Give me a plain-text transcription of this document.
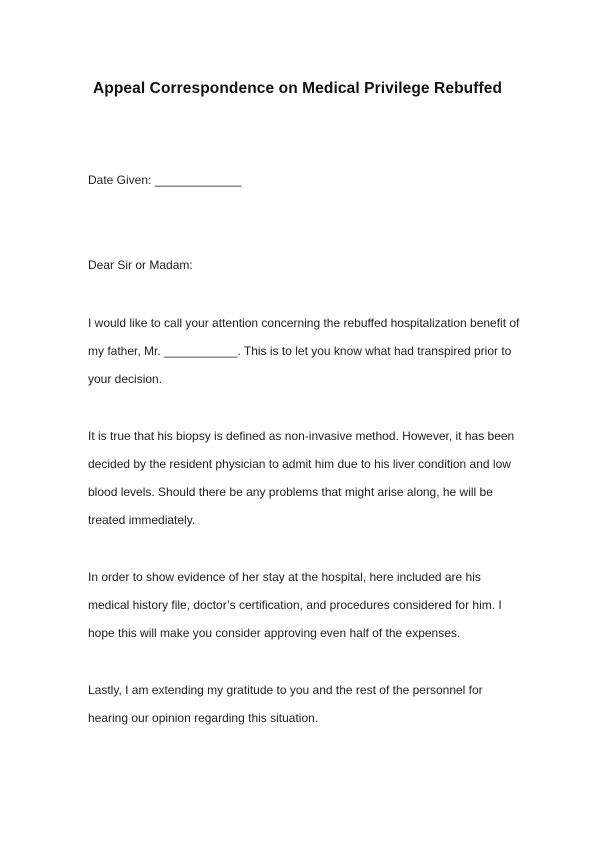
Appeal Correspondence on Medical Privilege Rebuffed
Date Given: _____________
Dear Sir or Madam:
I would like to call your attention concerning the rebuffed hospitalization benefit of
my father, Mr. ___________. This is to let you know what had transpired prior to
your decision.
It is true that his biopsy is defined as non-invasive method. However, it has been
decided by the resident physician to admit him due to his liver condition and low
blood levels. Should there be any problems that might arise along, he will be
treated immediately.
In order to show evidence of her stay at the hospital, here included are his
medical history file, doctor’s certification, and procedures considered for him. I
hope this will make you consider approving even half of the expenses.
Lastly, I am extending my gratitude to you and the rest of the personnel for
hearing our opinion regarding this situation.
